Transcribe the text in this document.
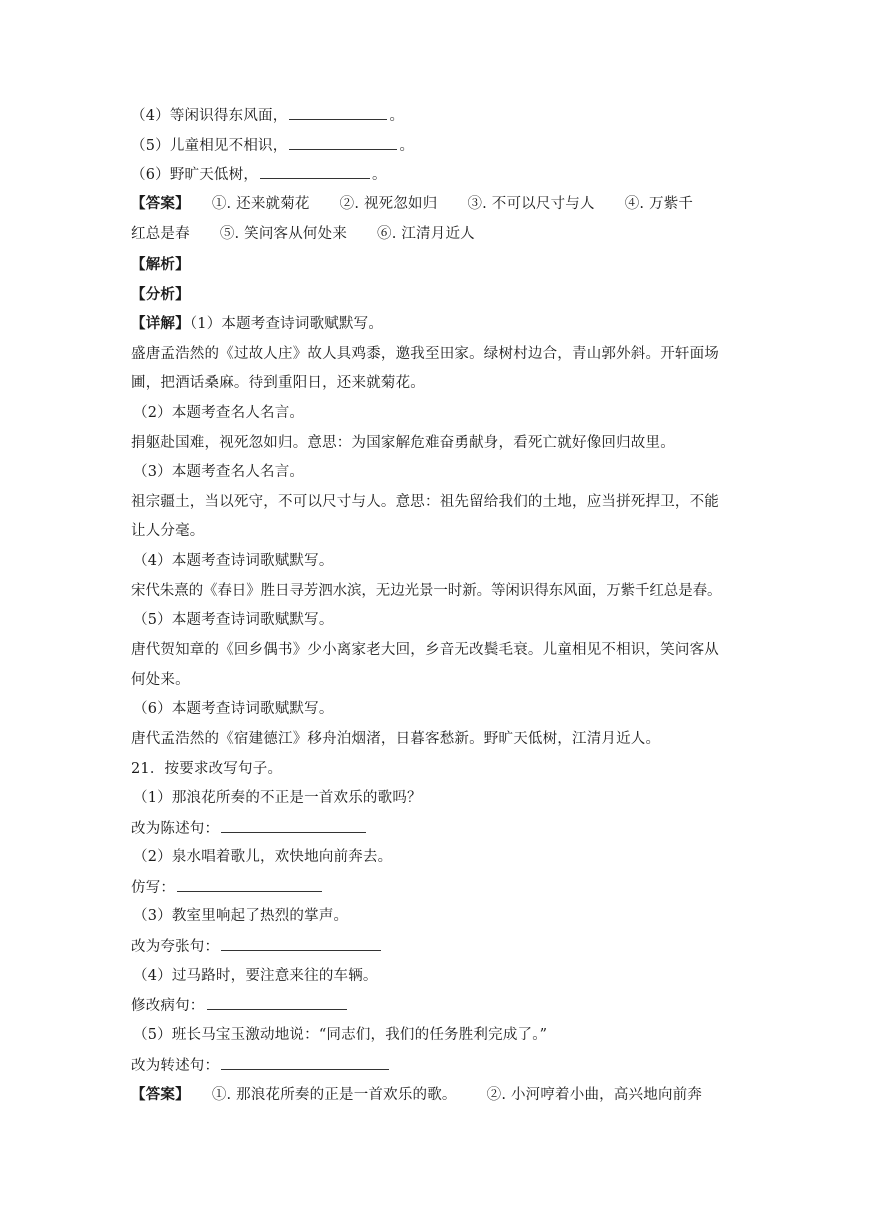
（4）等闲识得东风面，	。
（5）儿童相见不相识，	。
（6）野旷天低树，	。
【答案】 ①. 还来就菊花 ②. 视死忽如归 ③. 不可以尺寸与人 ④. 万紫千
红总是春 ⑤. 笑问客从何处来 ⑥. 江清月近人
【解析】
【分析】
【详解】（1）本题考查诗词歌赋默写。
盛唐孟浩然的《过故人庄》故人具鸡黍，邀我至田家。绿树村边合，青山郭外斜。开轩面场
圃，把酒话桑麻。待到重阳日，还来就菊花。
（2）本题考查名人名言。
捐躯赴国难，视死忽如归。意思：为国家解危难奋勇献身，看死亡就好像回归故里。
（3）本题考查名人名言。
祖宗疆土，当以死守，不可以尺寸与人。意思：祖先留给我们的土地，应当拼死捍卫，不能
让人分毫。
（4）本题考查诗词歌赋默写。
宋代朱熹的《春日》胜日寻芳泗水滨，无边光景一时新。等闲识得东风面，万紫千红总是春。
（5）本题考查诗词歌赋默写。
唐代贺知章的《回乡偶书》少小离家老大回，乡音无改鬓毛衰。儿童相见不相识，笑问客从
何处来。
（6）本题考查诗词歌赋默写。
唐代孟浩然的《宿建德江》移舟泊烟渚，日暮客愁新。野旷天低树，江清月近人。
21．按要求改写句子。
（1）那浪花所奏的不正是一首欢乐的歌吗？
改为陈述句：
（2）泉水唱着歌儿，欢快地向前奔去。
仿写：
（3）教室里响起了热烈的掌声。
改为夸张句：
（4）过马路时，要注意来往的车辆。
修改病句：
（5）班长马宝玉激动地说：“同志们，我们的任务胜利完成了。”
改为转述句：
【答案】 ①. 那浪花所奏的正是一首欢乐的歌。 ②. 小河哼着小曲，高兴地向前奔
